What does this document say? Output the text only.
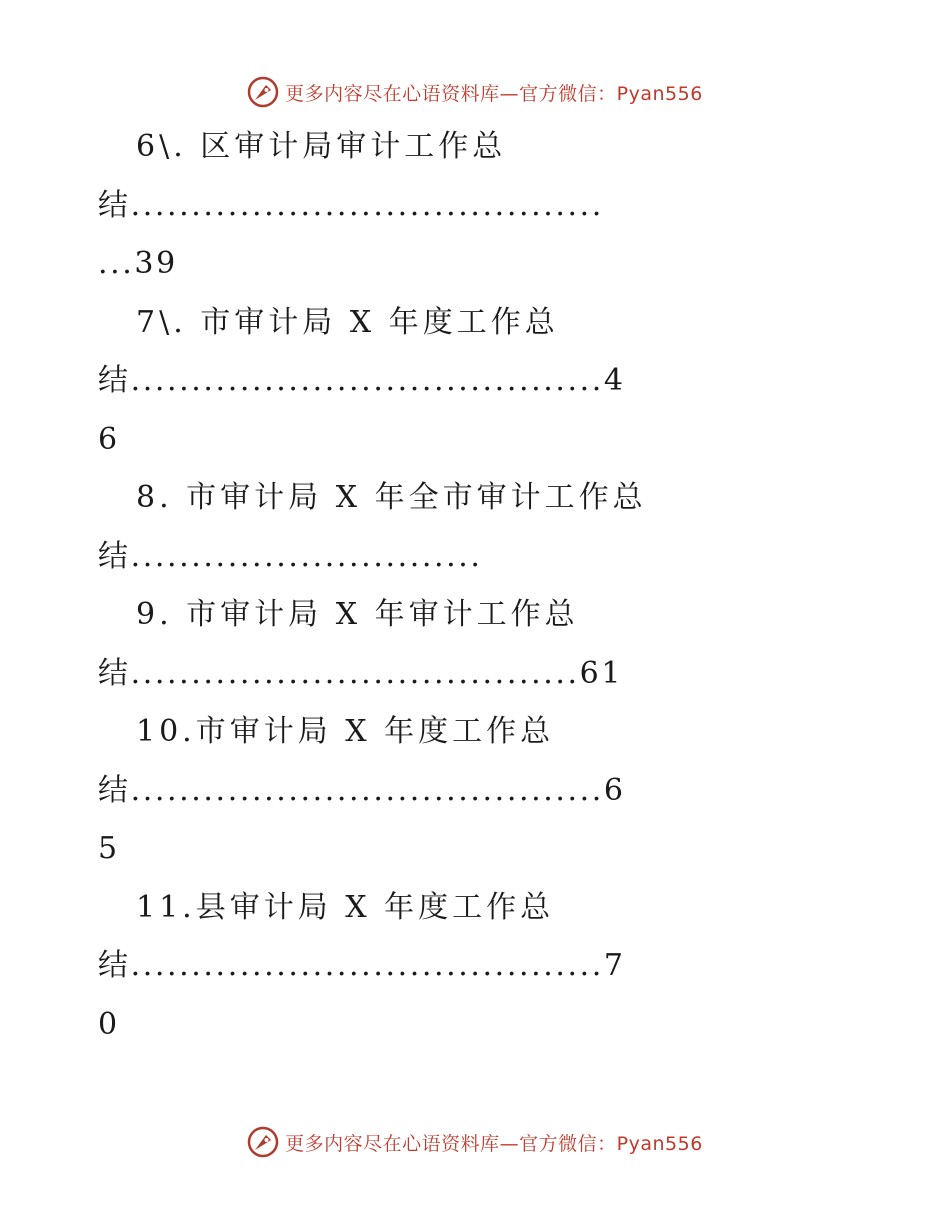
更多内容尽在心语资料库—官方微信：Pyan556
6\. 区审计局审计工作总
结.......................................
...39
7\. 市审计局 X 年度工作总
结.......................................4
6
8. 市审计局 X 年全市审计工作总
结.............................
9. 市审计局 X 年审计工作总
结.....................................61
10.市审计局 X 年度工作总
结.......................................6
5
11.县审计局 X 年度工作总
结.......................................7
0
更多内容尽在心语资料库—官方微信：Pyan556
